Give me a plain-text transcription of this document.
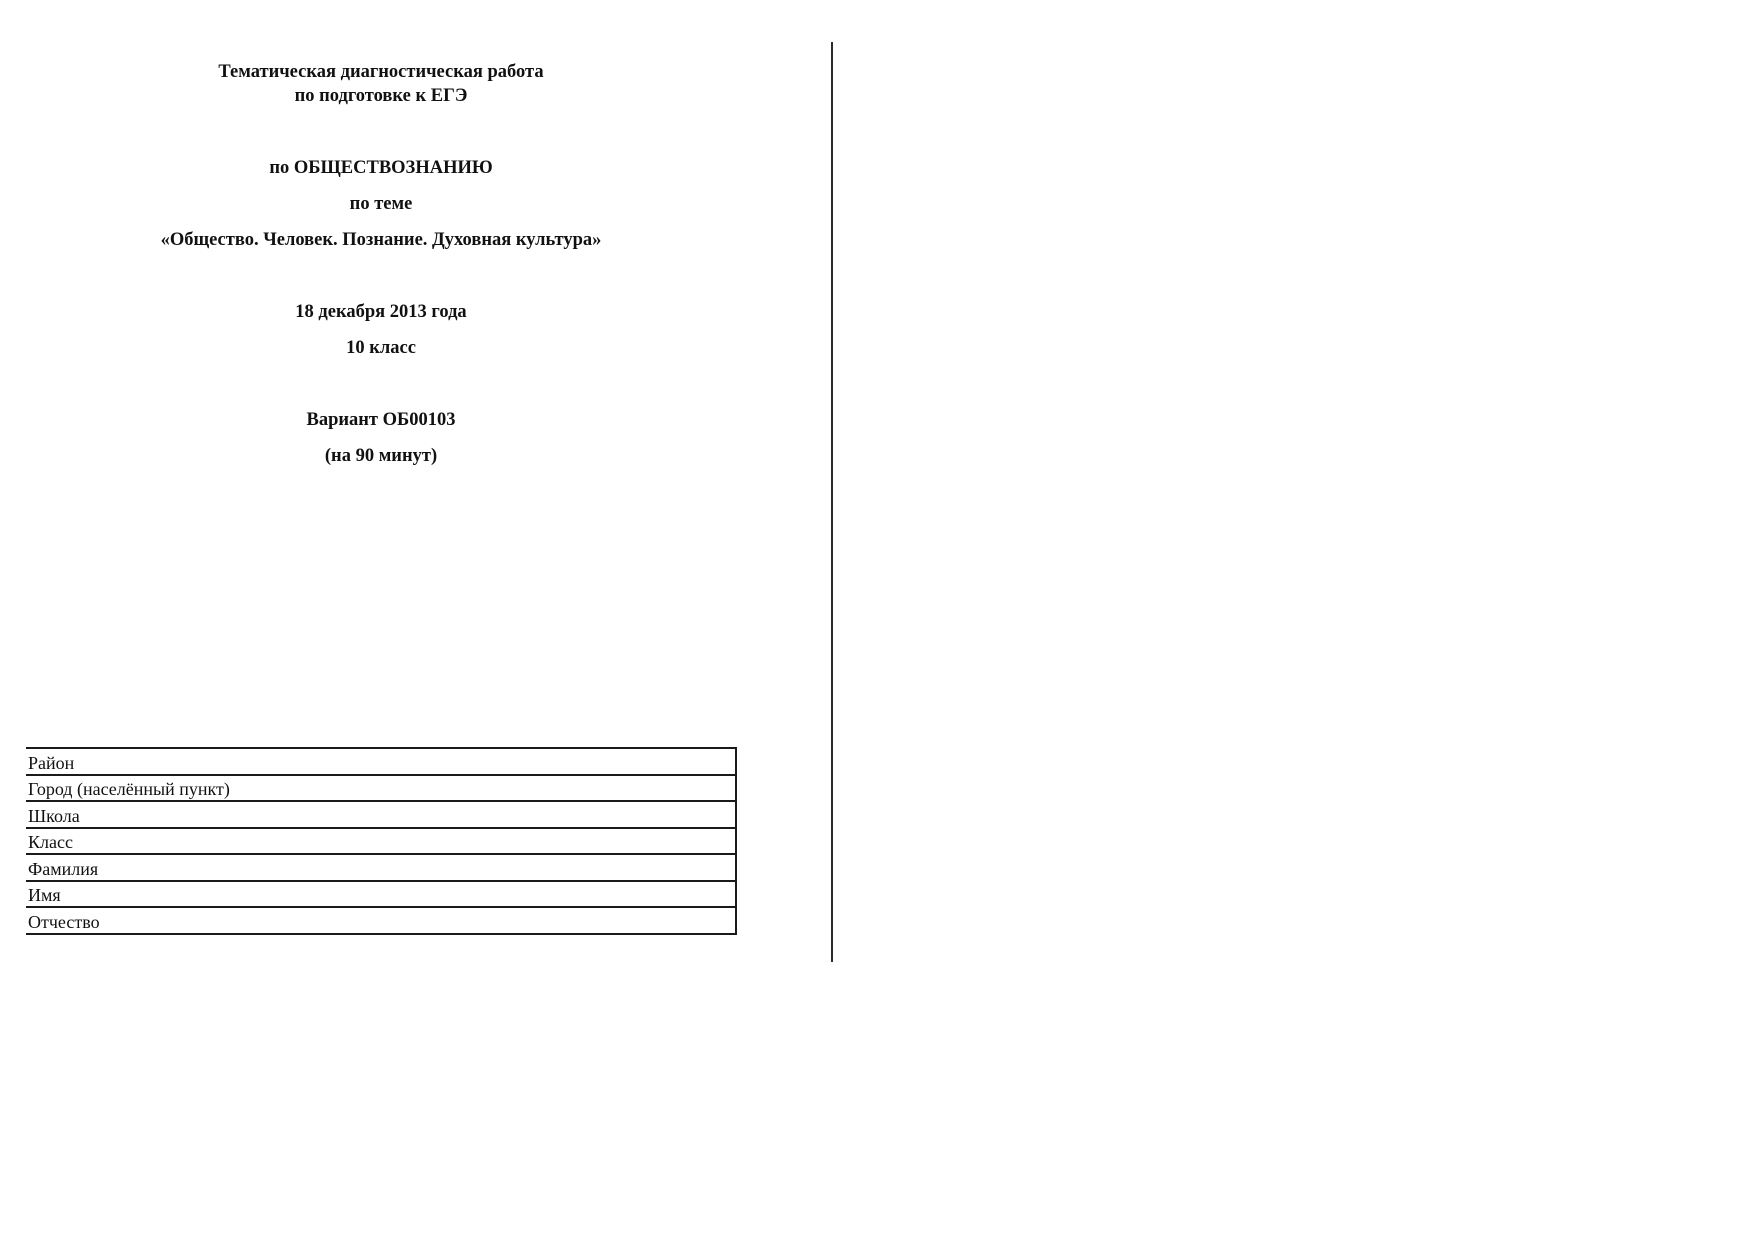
Тематическая диагностическая работа
по подготовке к ЕГЭ
по ОБЩЕСТВОЗНАНИЮ
по теме
«Общество. Человек. Познание. Духовная культура»
18 декабря 2013 года
10 класс
Вариант ОБ00103
(на 90 минут)
Район
Город (населённый пункт)
Школа
Класс
Фамилия
Имя
Отчество
